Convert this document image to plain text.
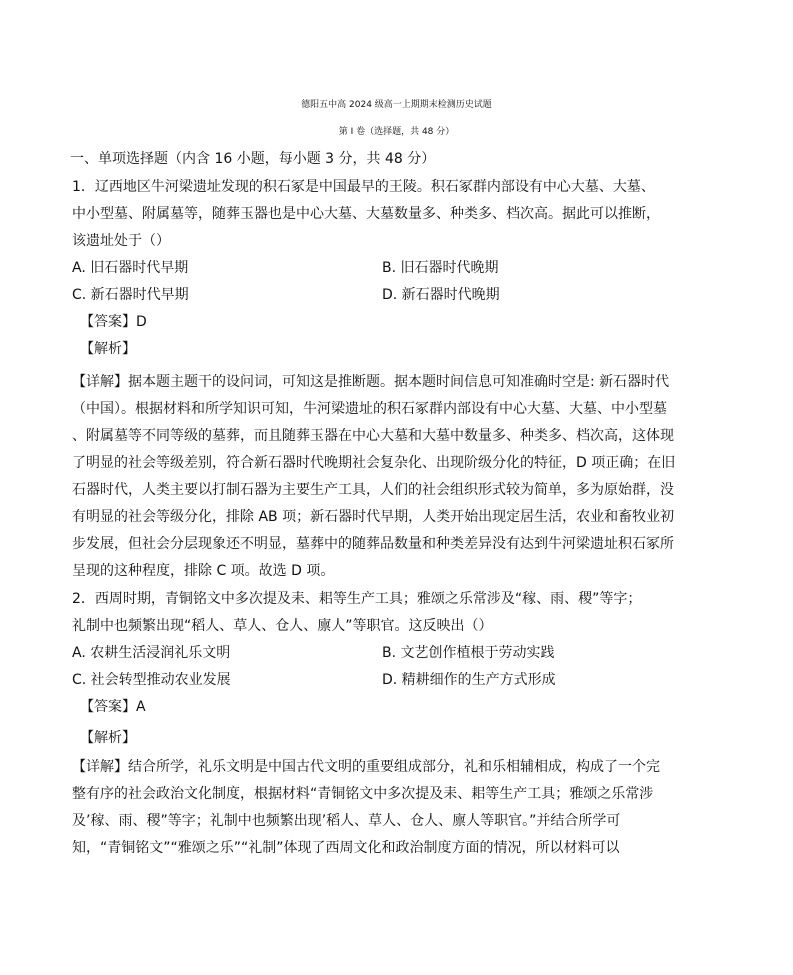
德阳五中高 2024 级高一上期期末检测历史试题
第 I 卷（选择题，共 48 分）
一、单项选择题（内含 16 小题，每小题 3 分，共 48 分）
1．辽西地区牛河梁遗址发现的积石冢是中国最早的王陵。积石冢群内部设有中心大墓、大墓、
中小型墓、附属墓等，随葬玉器也是中心大墓、大墓数量多、种类多、档次高。据此可以推断，
该遗址处于（）
A. 旧石器时代早期	B. 旧石器时代晚期
C. 新石器时代早期	D. 新石器时代晚期
【答案】D
【解析】
【详解】据本题主题干的设问词，可知这是推断题。据本题时间信息可知准确时空是: 新石器时代
（中国）。根据材料和所学知识可知，牛河梁遗址的积石冢群内部设有中心大墓、大墓、中小型墓
、附属墓等不同等级的墓葬，而且随葬玉器在中心大墓和大墓中数量多、种类多、档次高，这体现
了明显的社会等级差别，符合新石器时代晚期社会复杂化、出现阶级分化的特征，D 项正确；在旧
石器时代，人类主要以打制石器为主要生产工具，人们的社会组织形式较为简单，多为原始群，没
有明显的社会等级分化，排除 AB 项；新石器时代早期，人类开始出现定居生活，农业和畜牧业初
步发展，但社会分层现象还不明显，墓葬中的随葬品数量和种类差异没有达到牛河梁遗址积石冢所
呈现的这种程度，排除 C 项。故选 D 项。
2．西周时期，青铜铭文中多次提及耒、耜等生产工具；雅颂之乐常涉及“稼、雨、稷”等字；
礼制中也频繁出现“稻人、草人、仓人、廪人”等职官。这反映出（）
A. 农耕生活浸润礼乐文明	B. 文艺创作植根于劳动实践
C. 社会转型推动农业发展	D. 精耕细作的生产方式形成
【答案】A
【解析】
【详解】结合所学，礼乐文明是中国古代文明的重要组成部分，礼和乐相辅相成，构成了一个完
整有序的社会政治文化制度，根据材料“青铜铭文中多次提及耒、耜等生产工具；雅颂之乐常涉
及’稼、雨、稷”等字；礼制中也频繁出现’稻人、草人、仓人、廪人等职官。”并结合所学可
知，“青铜铭文”“雅颂之乐”“礼制”体现了西周文化和政治制度方面的情况，所以材料可以
